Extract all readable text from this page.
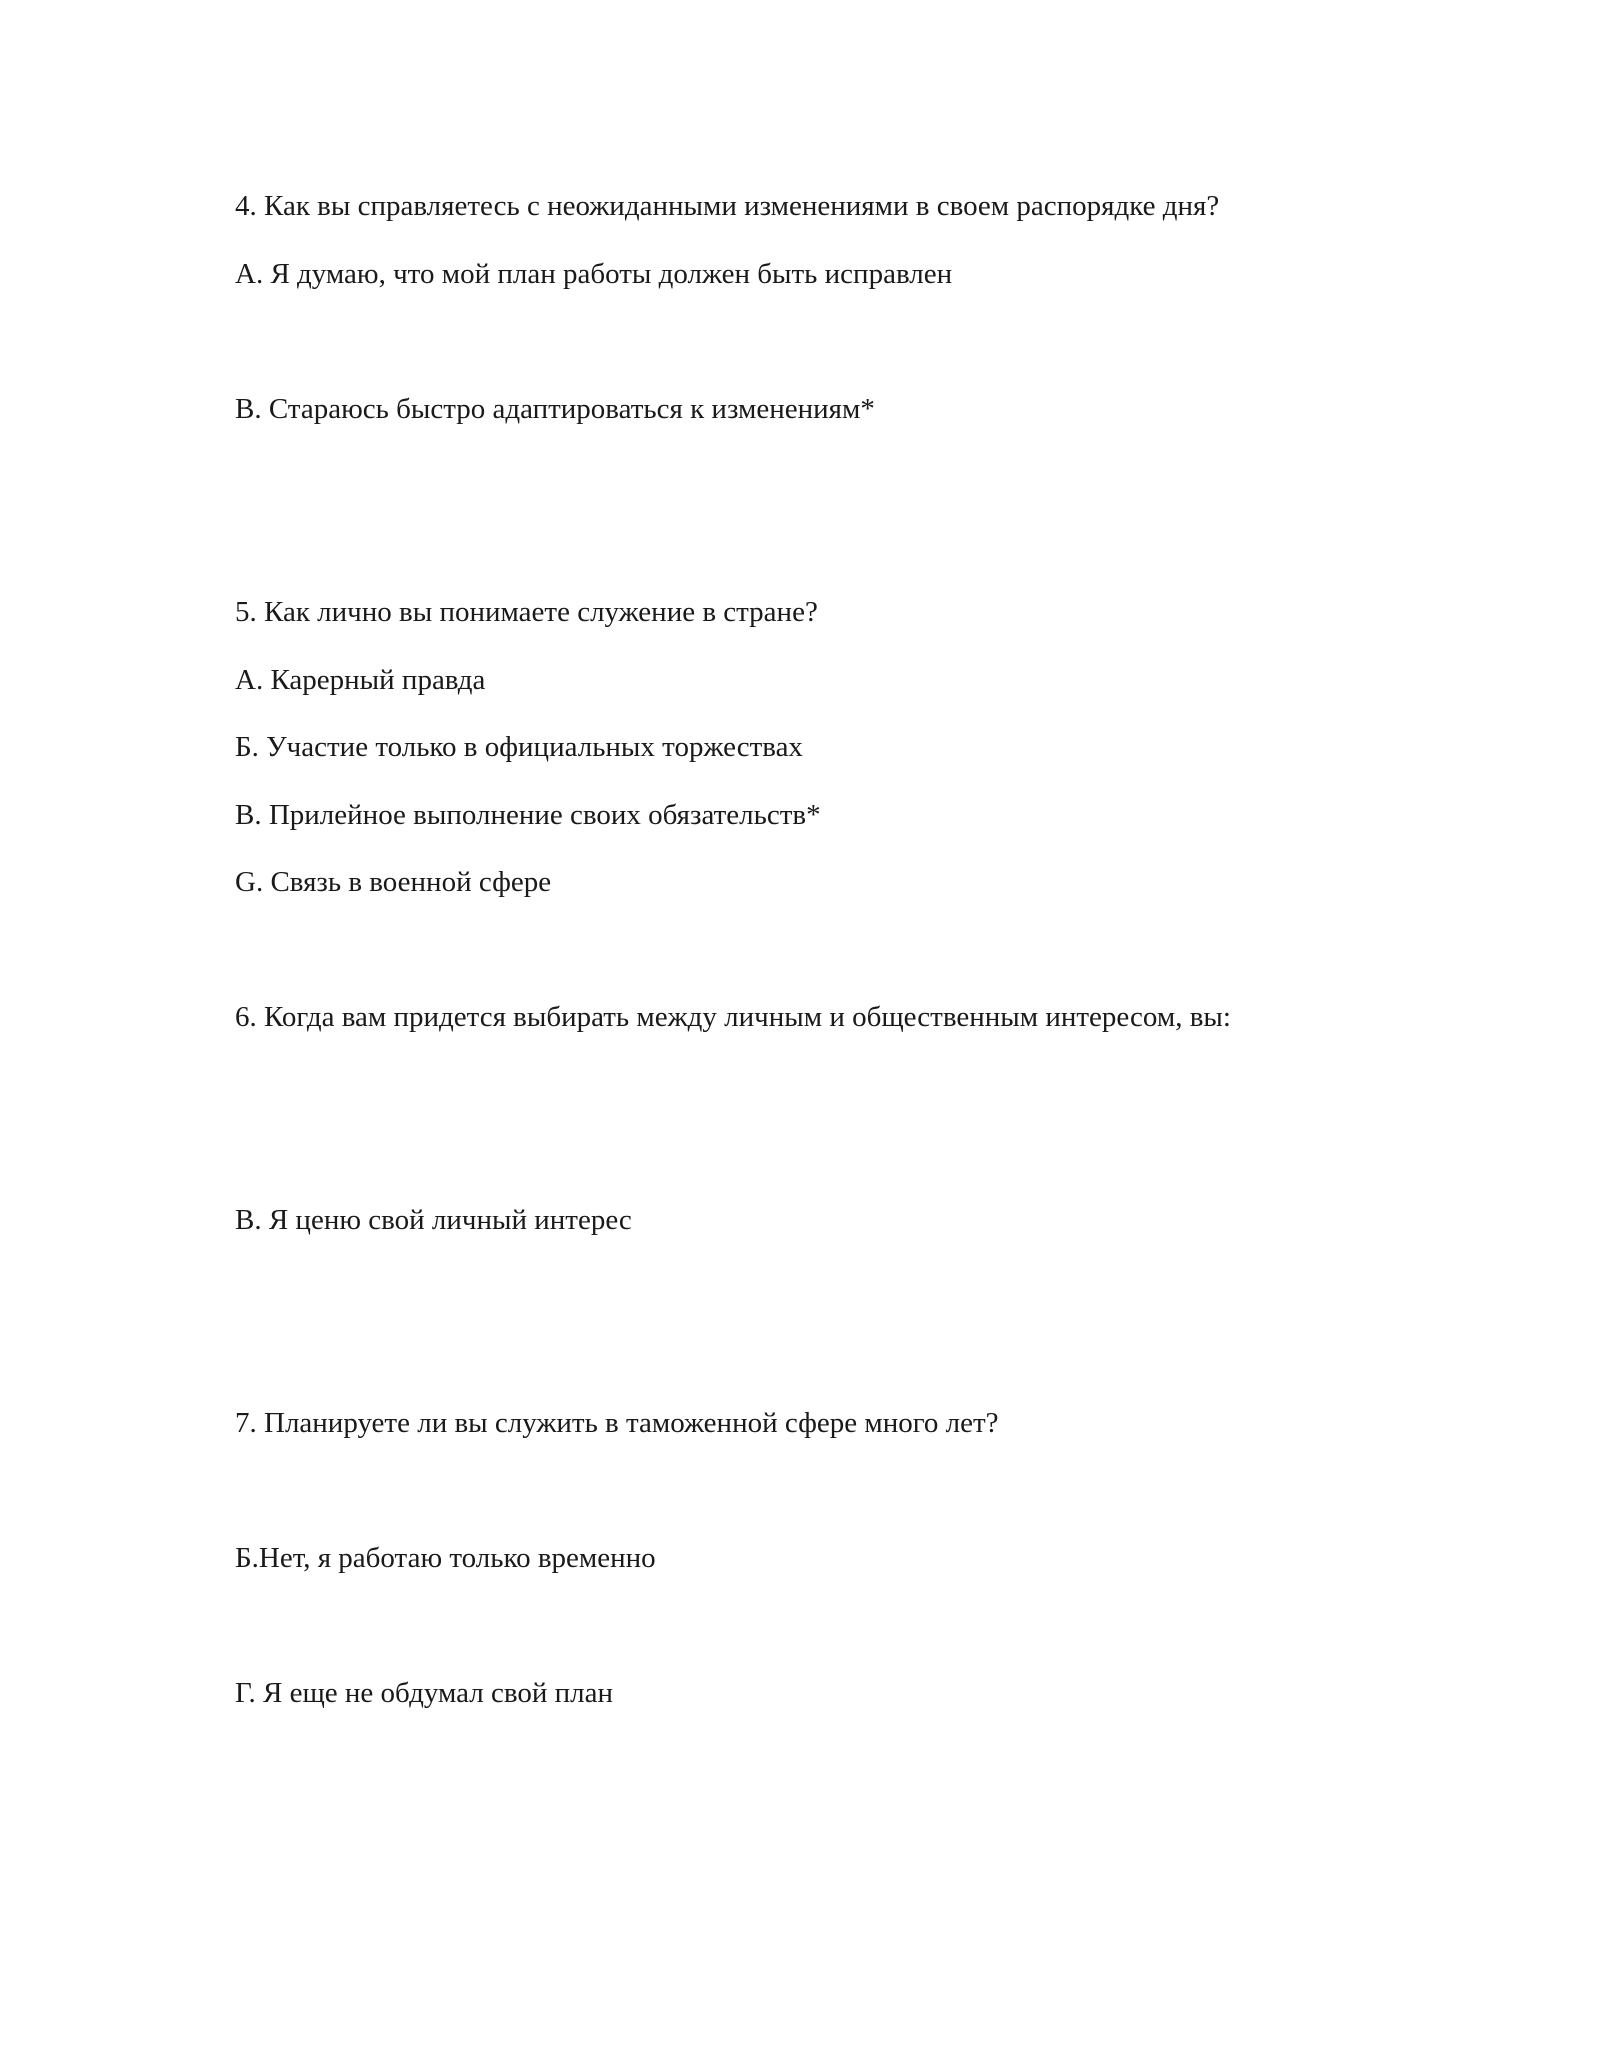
4. Как вы справляетесь с неожиданными изменениями в своем распорядке дня?
А. Я думаю, что мой план работы должен быть исправлен
В. Стараюсь быстро адаптироваться к изменениям*
5. Как лично вы понимаете служение в стране?
А. Карерный правда
Б. Участие только в официальных торжествах
В. Прилейное выполнение своих обязательств*
G. Связь в военной сфере
6. Когда вам придется выбирать между личным и общественным интересом, вы:
В. Я ценю свой личный интерес
7. Планируете ли вы служить в таможенной сфере много лет?
Б.Нет, я работаю только временно
Г. Я еще не обдумал свой план
